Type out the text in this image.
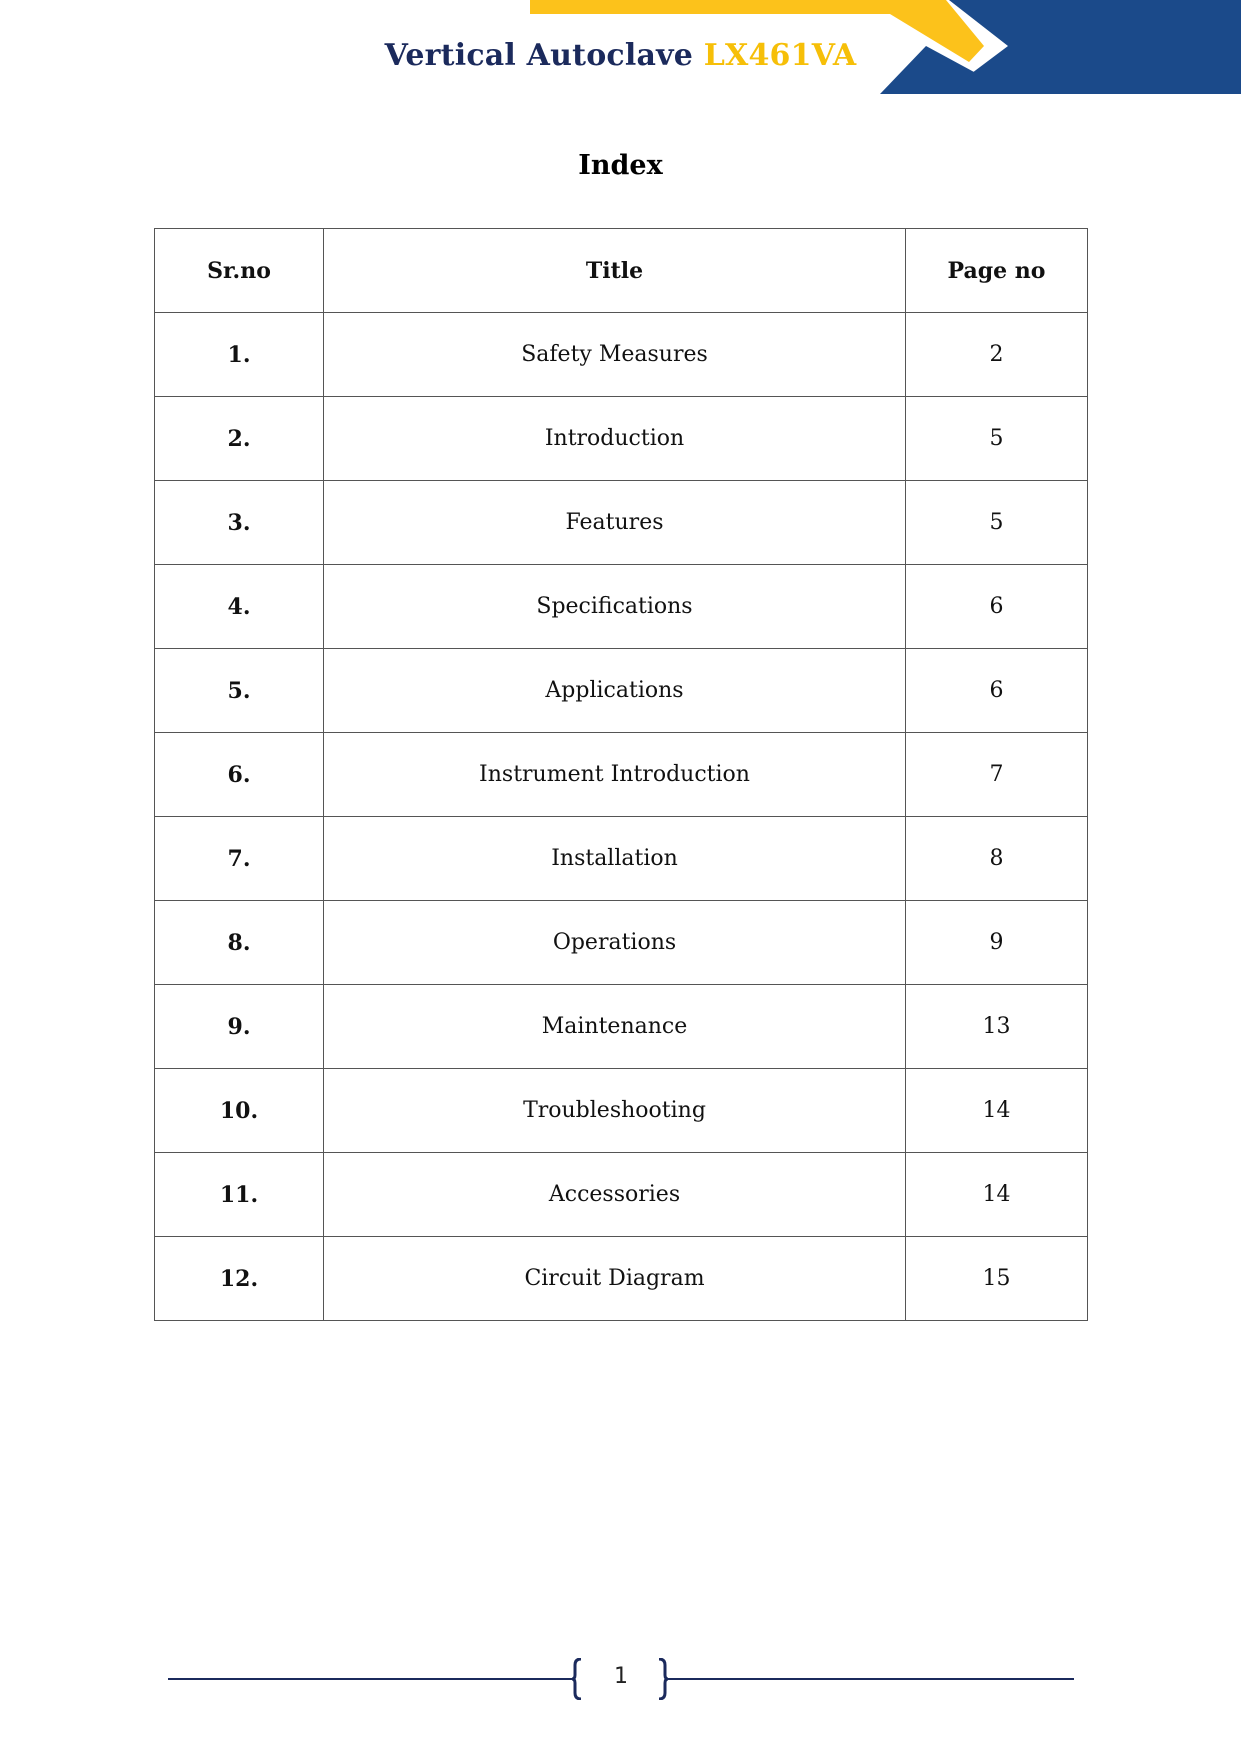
Vertical Autoclave LX461VA
Index
Sr.no	Title	Page no
1.	Safety Measures	2
2.	Introduction	5
3.	Features	5
4.	Specifications	6
5.	Applications	6
6.	Instrument Introduction	7
7.	Installation	8
8.	Operations	9
9.	Maintenance	13
10.	Troubleshooting	14
11.	Accessories	14
12.	Circuit Diagram	15
1
